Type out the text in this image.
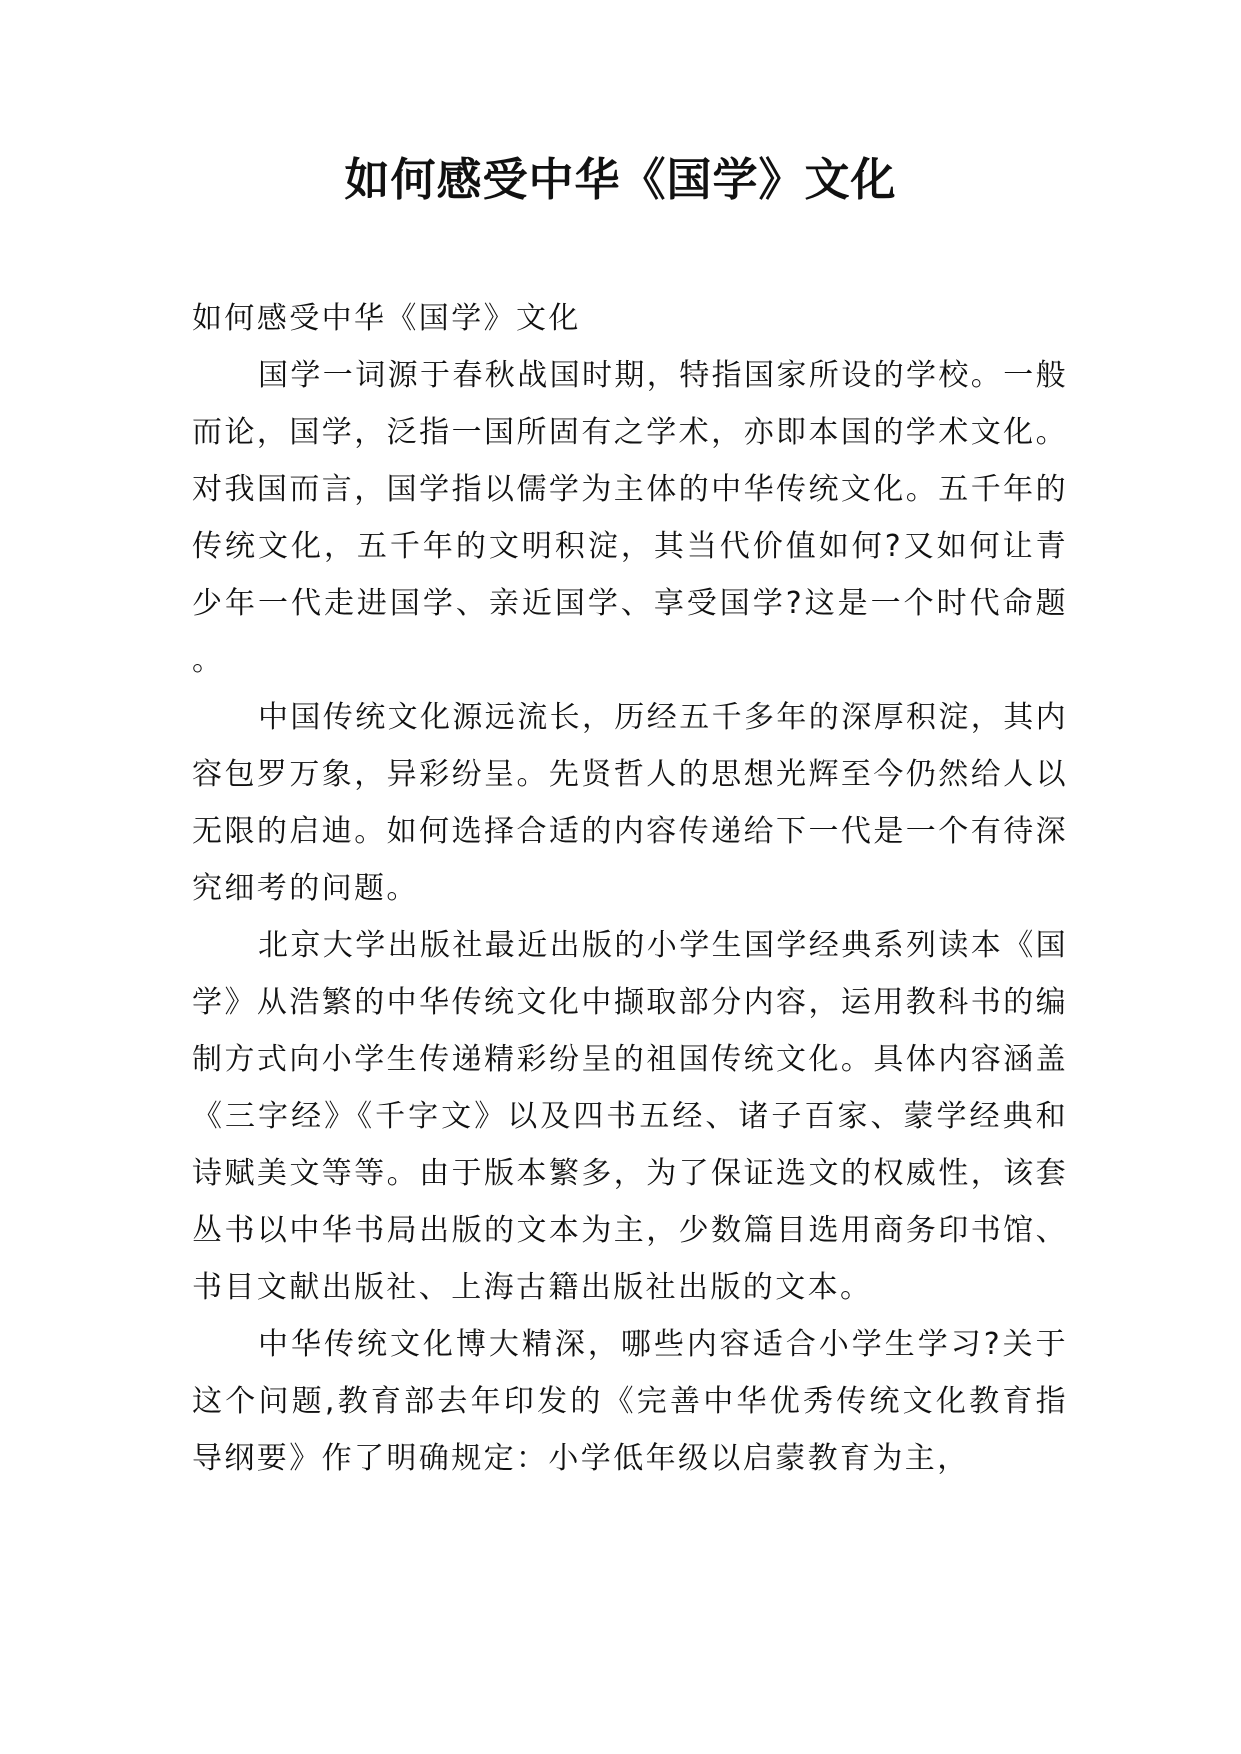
如何感受中华《国学》文化

如何感受中华《国学》文化

国学一词源于春秋战国时期，特指国家所设的学校。一般而论，国学，泛指一国所固有之学术，亦即本国的学术文化。对我国而言，国学指以儒学为主体的中华传统文化。五千年的传统文化，五千年的文明积淀，其当代价值如何?又如何让青少年一代走进国学、亲近国学、享受国学?这是一个时代命题。

中国传统文化源远流长，历经五千多年的深厚积淀，其内容包罗万象，异彩纷呈。先贤哲人的思想光辉至今仍然给人以无限的启迪。如何选择合适的内容传递给下一代是一个有待深究细考的问题。

北京大学出版社最近出版的小学生国学经典系列读本《国学》从浩繁的中华传统文化中撷取部分内容，运用教科书的编制方式向小学生传递精彩纷呈的祖国传统文化。具体内容涵盖《三字经》《千字文》以及四书五经、诸子百家、蒙学经典和诗赋美文等等。由于版本繁多，为了保证选文的权威性，该套丛书以中华书局出版的文本为主，少数篇目选用商务印书馆、书目文献出版社、上海古籍出版社出版的文本。

中华传统文化博大精深，哪些内容适合小学生学习?关于这个问题,教育部去年印发的《完善中华优秀传统文化教育指导纲要》作了明确规定：小学低年级以启蒙教育为主，
